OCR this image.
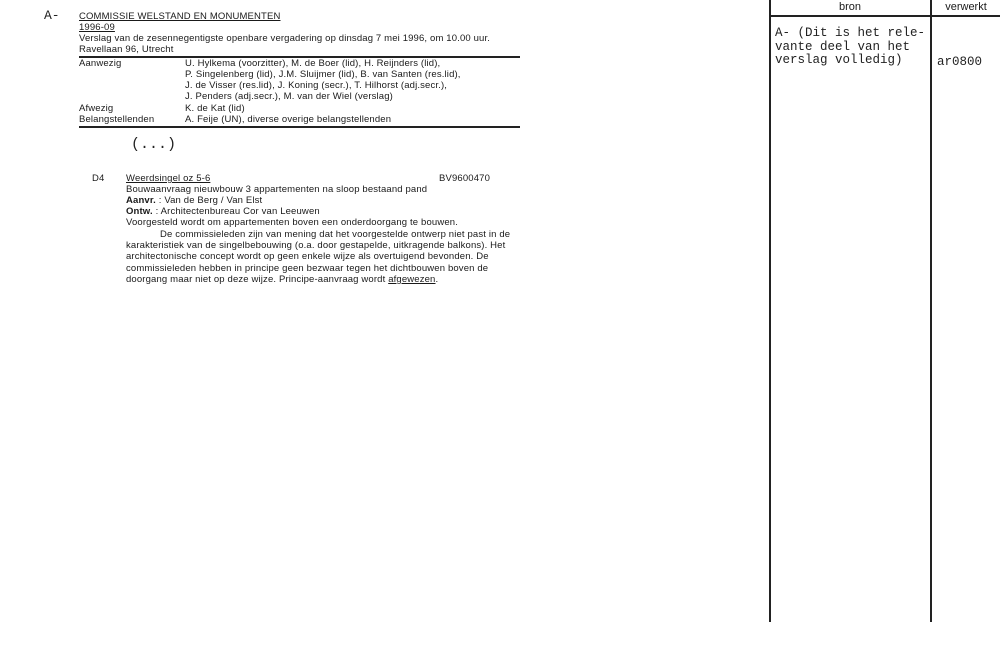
A- COMMISSIE WELSTAND EN MONUMENTEN
1996-09
Verslag van de zesennegentigste openbare vergadering op dinsdag 7 mei 1996, om 10.00 uur.
Ravellaan 96, Utrecht
Aanwezig	U. Hylkema (voorzitter), M. de Boer (lid), H. Reijnders (lid),
P. Singelenberg (lid), J.M. Sluijmer (lid), B. van Santen (res.lid),
J. de Visser (res.lid), J. Koning (secr.), T. Hilhorst (adj.secr.),
J. Penders (adj.secr.), M. van der Wiel (verslag)
Afwezig	K. de Kat (lid)
Belangstellenden	A. Feije (UN), diverse overige belangstellenden
(...)
D4 Weerdsingel oz 5-6	BV9600470
Bouwaanvraag nieuwbouw 3 appartementen na sloop bestaand pand
Aanvr. : Van de Berg / Van Elst
Ontw. : Architectenbureau Cor van Leeuwen
Voorgesteld wordt om appartementen boven een onderdoorgang te bouwen.
De commissieleden zijn van mening dat het voorgestelde ontwerp niet past in de
karakteristiek van de singelbebouwing (o.a. door gestapelde, uitkragende balkons). Het
architectonische concept wordt op geen enkele wijze als overtuigend bevonden. De
commissieleden hebben in principe geen bezwaar tegen het dichtbouwen boven de
doorgang maar niet op deze wijze. Principe-aanvraag wordt afgewezen.
bron	verwerkt
A- (Dit is het rele-
vante deel van het
verslag volledig)	ar0800
